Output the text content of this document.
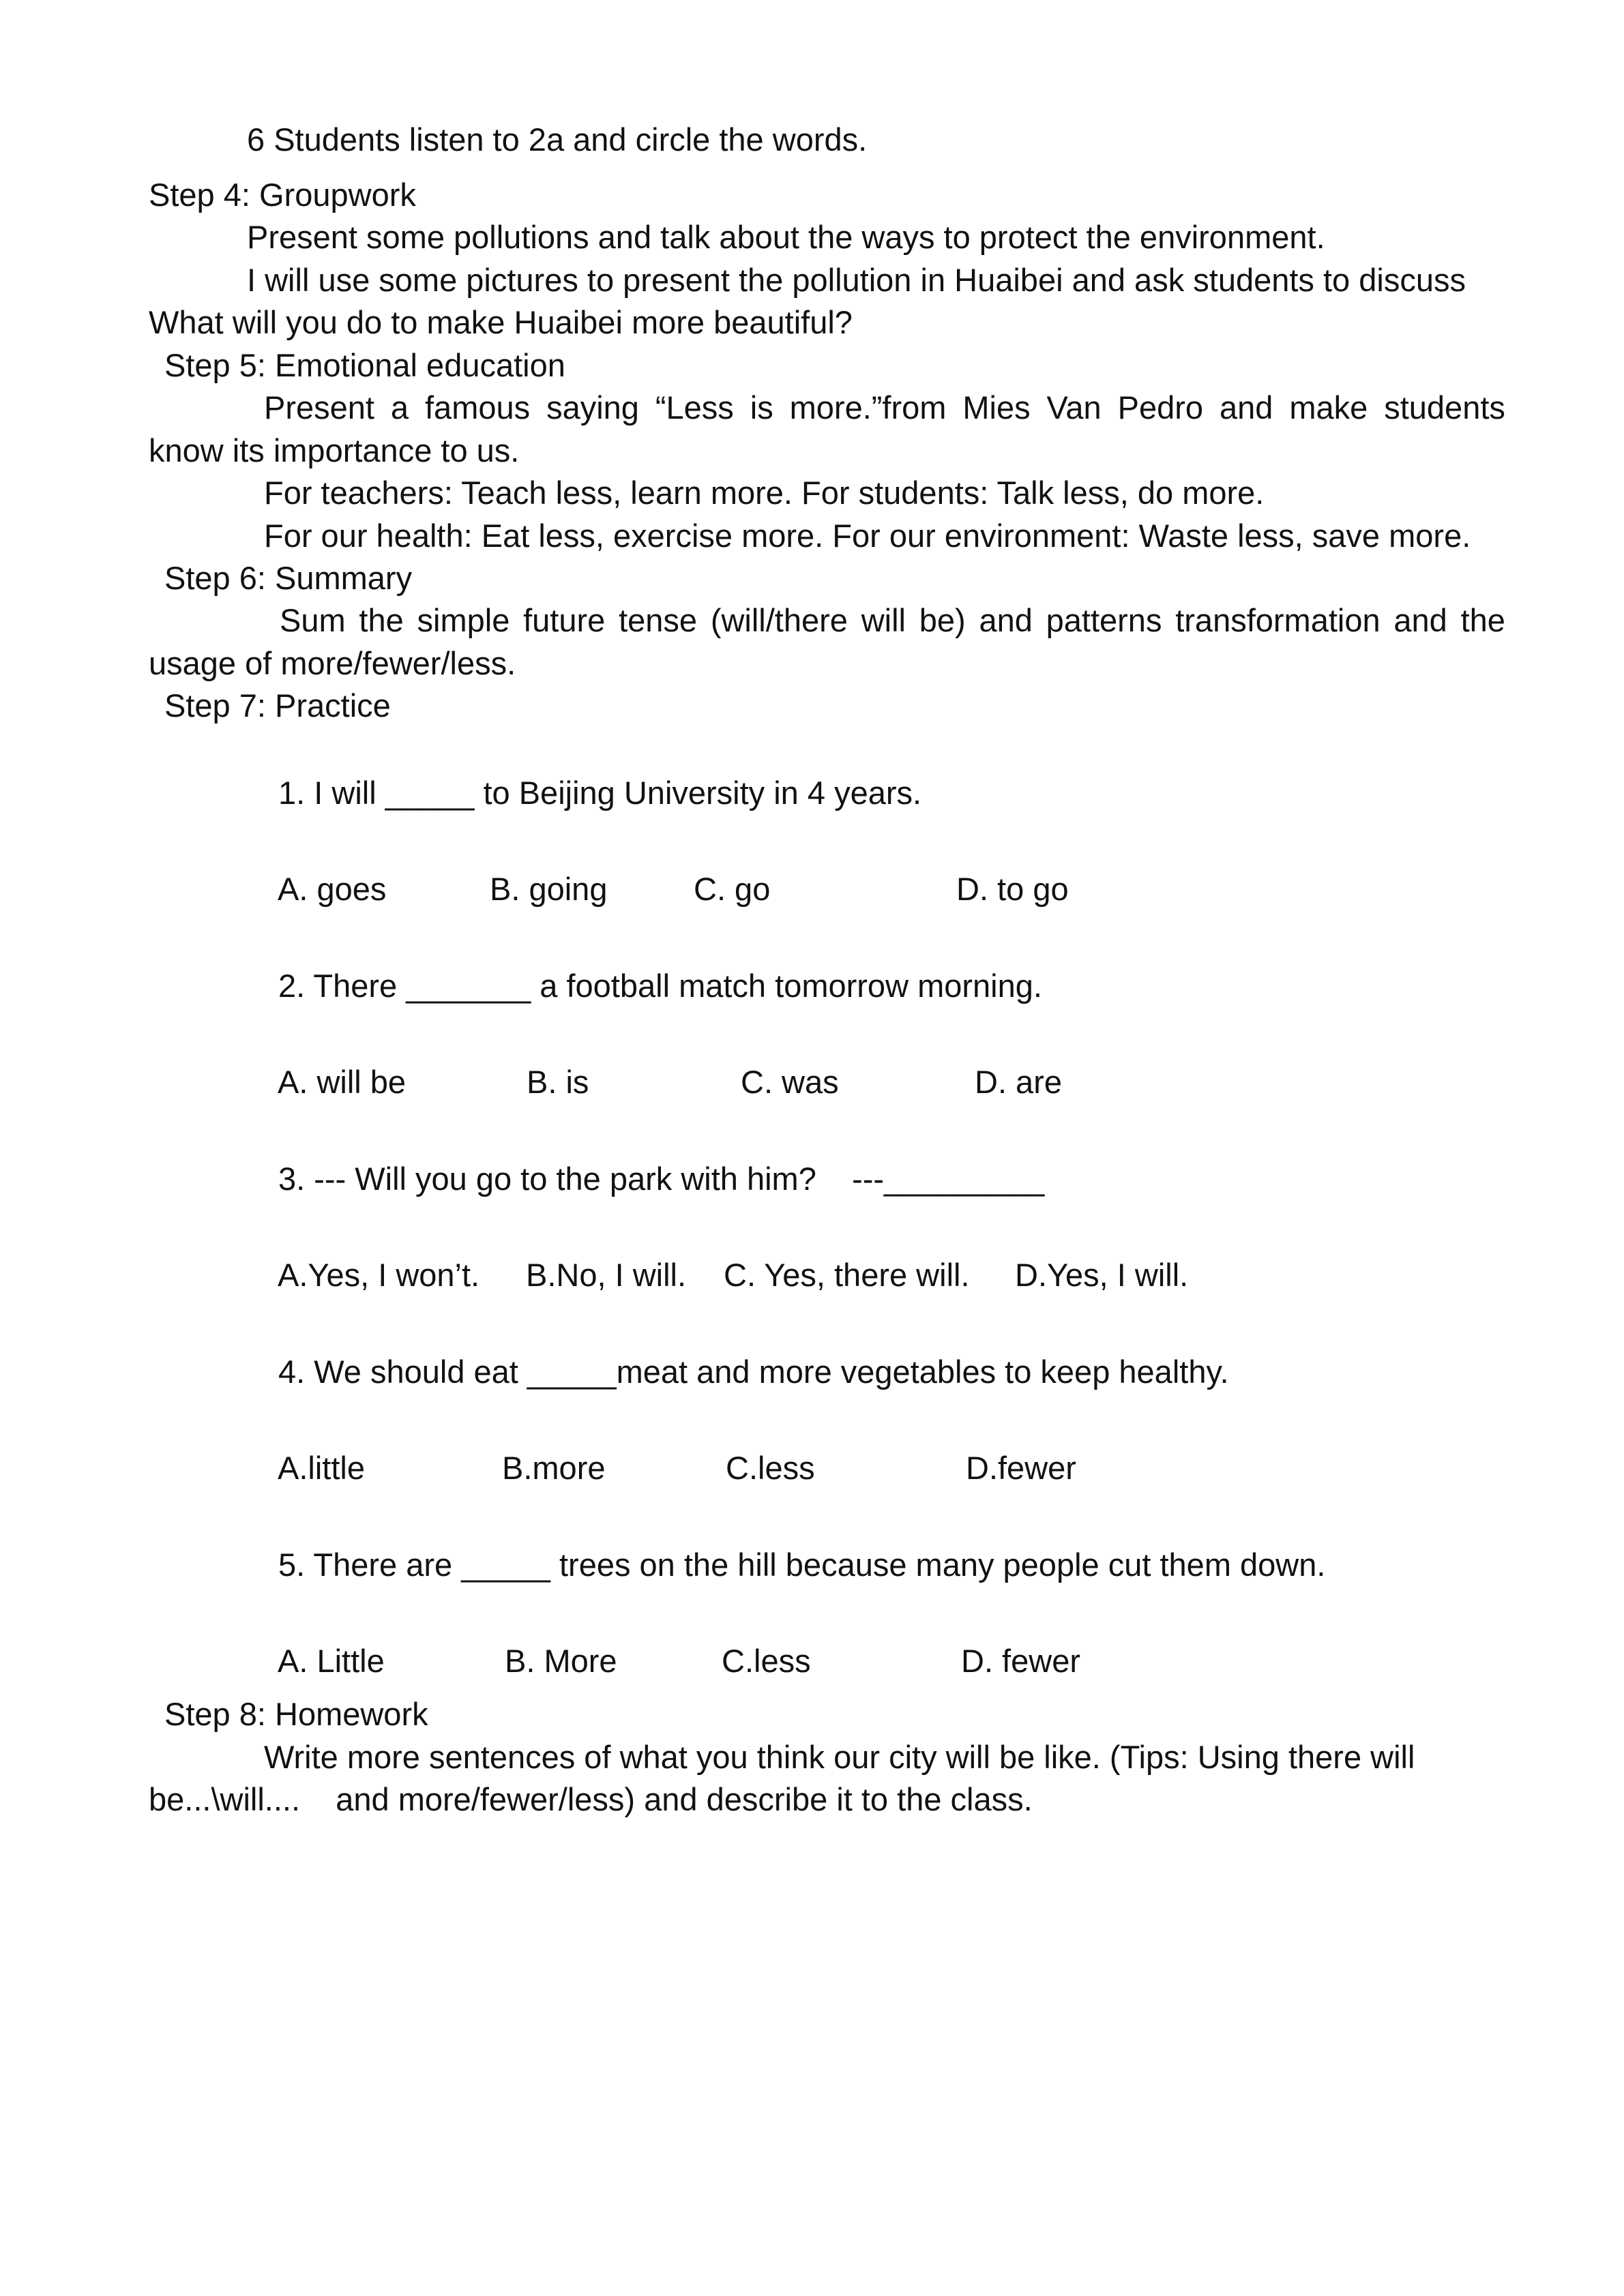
6 Students listen to 2a and circle the words.

Step 4: Groupwork

Present some pollutions and talk about the ways to protect the environment.

I will use some pictures to present the pollution in Huaibei and ask students to discuss

What will you do to make Huaibei more beautiful?

Step 5: Emotional education

Present a famous saying “Less is more.”from Mies Van Pedro and make students

know its importance to us.

For teachers: Teach less, learn more. For students: Talk less, do more.

For our health: Eat less, exercise more. For our environment: Waste less, save more.

Step 6: Summary

Sum the simple future tense (will/there will be) and patterns transformation and the

usage of more/fewer/less.

Step 7: Practice

1. I will _____ to Beijing University in 4 years.

A. goes

	B. going

	C. go

	D. to go

2. There _______ a football match tomorrow morning.

A. will be

	B. is

	C. was

	D. are

3. --- Will you go to the park with him?    ---_________

A.Yes, I won’t.

B.No, I will.

C. Yes, there will.

D.Yes, I will.

4. We should eat _____meat and more vegetables to keep healthy.

A.little

	B.more

	C.less

	D.fewer

5. There are _____ trees on the hill because many people cut them down.

A. Little

	B. More

	C.less

	D. fewer

Step 8: Homework

Write more sentences of what you think our city will be like. (Tips: Using there will

be...\will....    and more/fewer/less) and describe it to the class.
